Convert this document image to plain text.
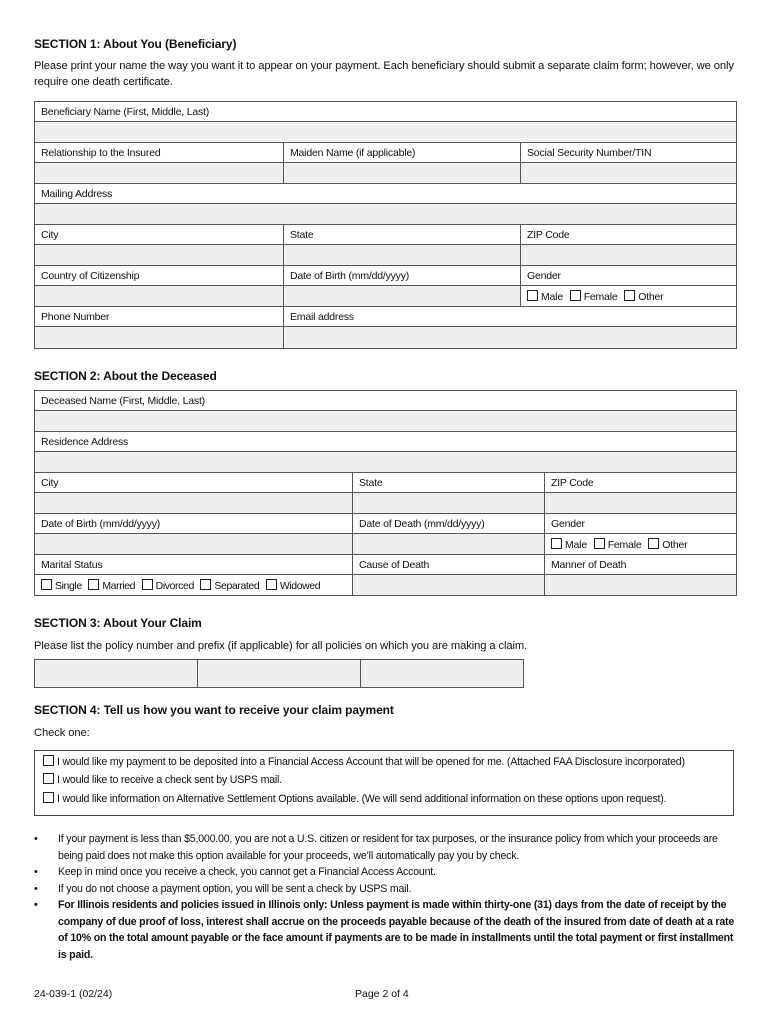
SECTION 1: About You (Beneficiary)
Please print your name the way you want it to appear on your payment. Each beneficiary should submit a separate claim form; however, we only require one death certificate.
Beneficiary Name (First, Middle, Last)		

Relationship to the Insured	Maiden Name (if applicable)	Social Security Number/TIN

Mailing Address		

City	State	ZIP Code

Country of Citizenship	Date of Birth (mm/dd/yyyy)	Gender
		Male Female Other
Phone Number	Email address	

SECTION 2: About the Deceased
Deceased Name (First, Middle, Last)		

Residence Address		

City	State	ZIP Code

Date of Birth (mm/dd/yyyy)	Date of Death (mm/dd/yyyy)	Gender
		Male Female Other
Marital Status	Cause of Death	Manner of Death
Single Married Divorced Separated Widowed		
SECTION 3: About Your Claim
Please list the policy number and prefix (if applicable) for all policies on which you are making a claim.

SECTION 4: Tell us how you want to receive your claim payment
Check one:
I would like my payment to be deposited into a Financial Access Account that will be opened for me. (Attached FAA Disclosure incorporated)
I would like to receive a check sent by USPS mail.
I would like information on Alternative Settlement Options available. (We will send additional information on these options upon request).
• If your payment is less than $5,000.00, you are not a U.S. citizen or resident for tax purposes, or the insurance policy from which your proceeds are being paid does not make this option available for your proceeds, we’ll automatically pay you by check.
• Keep in mind once you receive a check, you cannot get a Financial Access Account.
• If you do not choose a payment option, you will be sent a check by USPS mail.
• For Illinois residents and policies issued in Illinois only: Unless payment is made within thirty-one (31) days from the date of receipt by the company of due proof of loss, interest shall accrue on the proceeds payable because of the death of the insured from date of death at a rate of 10% on the total amount payable or the face amount if payments are to be made in installments until the total payment or first installment is paid.
24-039-1 (02/24)	Page 2 of 4
